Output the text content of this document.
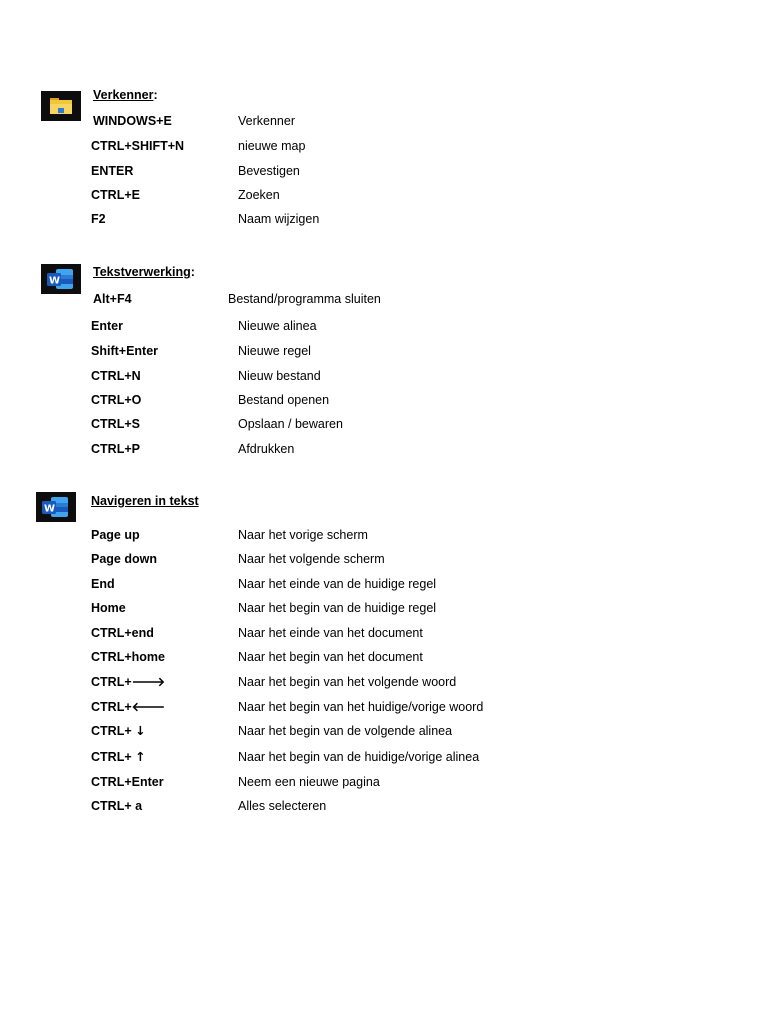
Verkenner:
WINDOWS+E	Verkenner
CTRL+SHIFT+N	nieuwe map
ENTER	Bevestigen
CTRL+E	Zoeken
F2	Naam wijzigen
W
Tekstverwerking:
Alt+F4	Bestand/programma sluiten
Enter	Nieuwe alinea
Shift+Enter	Nieuwe regel
CTRL+N	Nieuw bestand
CTRL+O	Bestand openen
CTRL+S	Opslaan / bewaren
CTRL+P	Afdrukken
W
Navigeren in tekst
Page up	Naar het vorige scherm
Page down	Naar het volgende scherm
End	Naar het einde van de huidige regel
Home	Naar het begin van de huidige regel
CTRL+end	Naar het einde van het document
CTRL+home	Naar het begin van het document
CTRL+🡒	Naar het begin van het volgende woord
CTRL+🡐	Naar het begin van het huidige/vorige woord
CTRL+ ↓	Naar het begin van de volgende alinea
CTRL+ ↑	Naar het begin van de huidige/vorige alinea
CTRL+Enter	Neem een nieuwe pagina
CTRL+ a	Alles selecteren
